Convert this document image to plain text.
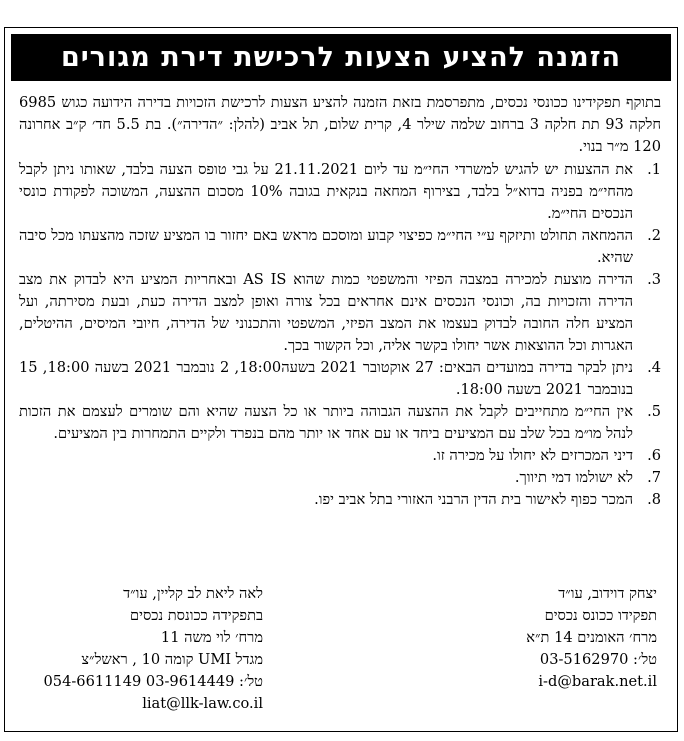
הזמנה להציע הצעות לרכישת דירת מגורים

בתוקף תפקידינו ככונסי נכסים, מתפרסמת בזאת הזמנה להציע הצעות לרכישת הזכויות בדירה הידועה כגוש 6985 חלקה 93 תת חלקה 3 ברחוב שלמה שילר 4, קרית שלום, תל אביב (להלן: ״הדירה״). בת 5.5 חד׳ ק״ב אחרונה 120 מ״ר בנוי.

1.
את ההצעות יש להגיש למשרדי החי״מ עד ליום 21.11.2021 על גבי טופס הצעה בלבד, שאותו ניתן לקבל מהחי״מ בפניה בדוא״ל בלבד, בצירוף המחאה בנקאית בגובה 10% מסכום ההצעה, המשוכה לפקודת כונסי הנכסים החי״מ.
2.
ההמחאה תחולט ותיזקף ע״י החי״מ כפיצוי קבוע ומוסכם מראש באם יחזור בו המציע שזכה מהצעתו מכל סיבה שהיא.
3.
הדירה מוצעת למכירה במצבה הפיזי והמשפטי כמות שהוא AS IS ובאחריות המציע היא לבדוק את מצב הדירה והזכויות בה, וכונסי הנכסים אינם אחראים בכל צורה ואופן למצב הדירה כעת, ובעת מסירתה, ועל המציע חלה החובה לבדוק בעצמו את המצב הפיזי, המשפטי והתכנוני של הדירה, חיובי המיסים, ההיטלים, האגרות וכל ההוצאות אשר יחולו בקשר אליה, וכל הקשור בכך.
4.
ניתן לבקר בדירה במועדים הבאים: 27 אוקטובר 2021 בשעה18:00, 2 נובמבר 2021 בשעה 18:00, 15 בנובמבר 2021 בשעה 18:00.
5.
אין החי״מ מתחייבים לקבל את ההצעה הגבוהה ביותר או כל הצעה שהיא והם שומרים לעצמם את הזכות לנהל מו״מ בכל שלב עם המציעים ביחד או עם אחד או יותר מהם בנפרד ולקיים התמחרות בין המציעים.
6.
דיני המכרזים לא יחולו על מכירה זו.
7.
לא ישולמו דמי תיווך.
8.
המכר כפוף לאישור בית הדין הרבני האזורי בתל אביב יפו.
יצחק דוידוב, עו״ד
תפקידו ככונס נכסים
מרח׳ האומנים 14 ת״א
טל׳: 03-5162970
i-d@barak.net.il
לאה ליאת לב קליין, עו״ד
בתפקידה ככונסת נכסים
מרח׳ לוי משה 11
מגדל UMI קומה 10 , ראשל״צ
טל׳: 03-9614449 054-6611149
liat@llk-law.co.il
